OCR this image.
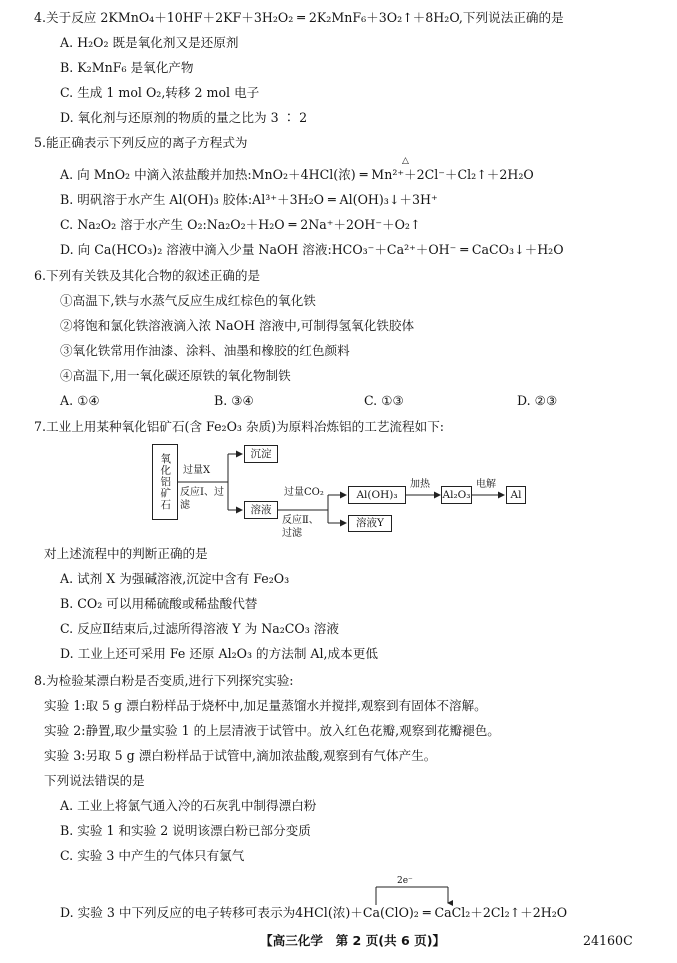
4.关于反应 2KMnO₄＋10HF＋2KF＋3H₂O₂ ═ 2K₂MnF₆＋3O₂↑＋8H₂O,下列说法正确的是
A. H₂O₂ 既是氧化剂又是还原剂
B. K₂MnF₆ 是氧化产物
C. 生成 1 mol O₂,转移 2 mol 电子
D. 氧化剂与还原剂的物质的量之比为 3 ∶ 2
5.能正确表示下列反应的离子方程式为
△
A. 向 MnO₂ 中滴入浓盐酸并加热:MnO₂＋4HCl(浓) ═ Mn²⁺＋2Cl⁻＋Cl₂↑＋2H₂O
B. 明矾溶于水产生 Al(OH)₃ 胶体:Al³⁺＋3H₂O ═ Al(OH)₃↓＋3H⁺
C. Na₂O₂ 溶于水产生 O₂:Na₂O₂＋H₂O ═ 2Na⁺＋2OH⁻＋O₂↑
D. 向 Ca(HCO₃)₂ 溶液中滴入少量 NaOH 溶液:HCO₃⁻＋Ca²⁺＋OH⁻ ═ CaCO₃↓＋H₂O
6.下列有关铁及其化合物的叙述正确的是
①高温下,铁与水蒸气反应生成红棕色的氧化铁
②将饱和氯化铁溶液滴入浓 NaOH 溶液中,可制得氢氧化铁胶体
③氧化铁常用作油漆、涂料、油墨和橡胶的红色颜料
④高温下,用一氧化碳还原铁的氧化物制铁
A. ①④	B. ③④	C. ①③	D. ②③
7.工业上用某种氧化铝矿石(含 Fe₂O₃ 杂质)为原料冶炼铝的工艺流程如下:
氧化铝矿石	过量X
反应Ⅰ、过滤
沉淀
溶液
过量CO₂
反应Ⅱ、过滤
Al(OH)₃
溶液Y
加热
Al₂O₃
电解
Al
对上述流程中的判断正确的是
A. 试剂 X 为强碱溶液,沉淀中含有 Fe₂O₃
B. CO₂ 可以用稀硫酸或稀盐酸代替
C. 反应Ⅱ结束后,过滤所得溶液 Y 为 Na₂CO₃ 溶液
D. 工业上还可采用 Fe 还原 Al₂O₃ 的方法制 Al,成本更低
8.为检验某漂白粉是否变质,进行下列探究实验:
实验 1:取 5 g 漂白粉样品于烧杯中,加足量蒸馏水并搅拌,观察到有固体不溶解。
实验 2:静置,取少量实验 1 的上层清液于试管中。放入红色花瓣,观察到花瓣褪色。
实验 3:另取 5 g 漂白粉样品于试管中,滴加浓盐酸,观察到有气体产生。
下列说法错误的是
A. 工业上将氯气通入冷的石灰乳中制得漂白粉
B. 实验 1 和实验 2 说明该漂白粉已部分变质
C. 实验 3 中产生的气体只有氯气
2e⁻
D. 实验 3 中下列反应的电子转移可表示为4HCl(浓)＋Ca(ClO)₂ ═ CaCl₂＋2Cl₂↑＋2H₂O
【高三化学　第 2 页(共 6 页)】	24160C
